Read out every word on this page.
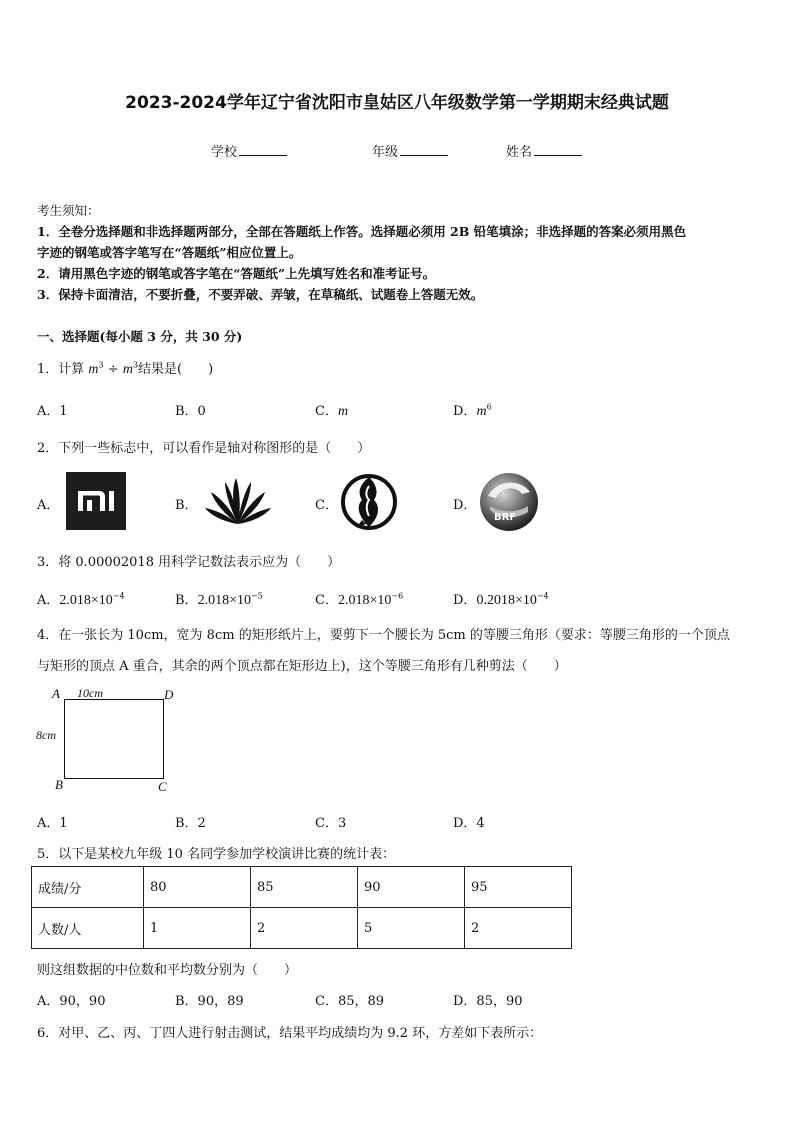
2023-2024学年辽宁省沈阳市皇姑区八年级数学第一学期期末经典试题
学校	年级	姓名
考生须知：
1．全卷分选择题和非选择题两部分，全部在答题纸上作答。选择题必须用 2B 铅笔填涂；非选择题的答案必须用黑色
字迹的钢笔或答字笔写在“答题纸”相应位置上。
2．请用黑色字迹的钢笔或答字笔在“答题纸”上先填写姓名和准考证号。
3．保持卡面清洁，不要折叠，不要弄破、弄皱，在草稿纸、试题卷上答题无效。
一、选择题(每小题 3 分，共 30 分)
1．计算 $m^3 \div m^3$结果是(　　)
A．1	B．0	C．m	D．$m^6$
2．下列一些标志中，可以看作是轴对称图形的是（　　）
A．	B．	C．	D．
BRF
3．将 0.00002018 用科学记数法表示应为（　　）
A．$2.018\times 10^{-4}$	B．$2.018\times 10^{-5}$	C．$2.018\times 10^{-6}$	D．$0.2018\times 10^{-4}$
4．在一张长为 10cm，宽为 8cm 的矩形纸片上，要剪下一个腰长为 5cm 的等腰三角形（要求：等腰三角形的一个顶点
与矩形的顶点 A 重合，其余的两个顶点都在矩形边上)，这个等腰三角形有几种剪法（　　）
A 10cm	D
8cm
B	C
A．1	B．2	C．3	D．4
5．以下是某校九年级 10 名同学参加学校演讲比赛的统计表：
成绩/分	80	85	90	95
人数/人	1	2	5	2
则这组数据的中位数和平均数分别为（　　）
A．90，90	B．90，89	C．85，89	D．85，90
6．对甲、乙、丙、丁四人进行射击测试，结果平均成绩均为 9.2 环，方差如下表所示：
